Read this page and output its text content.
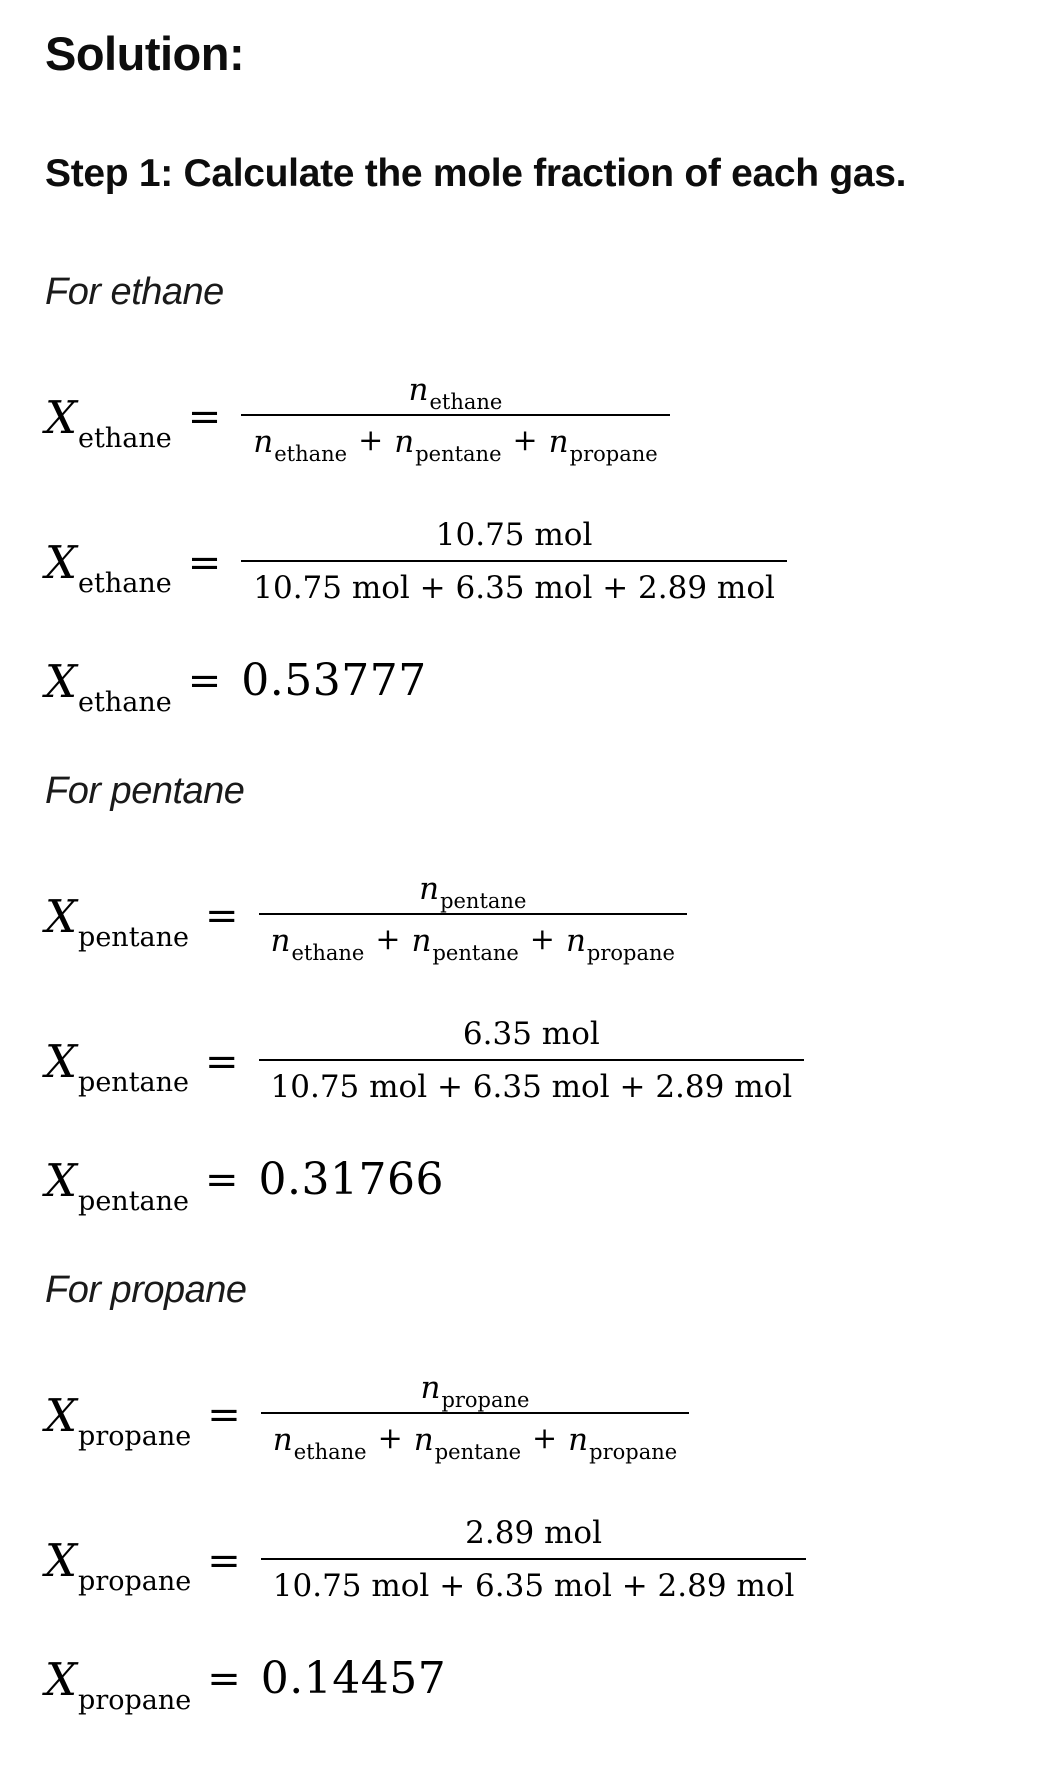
Solution:
Step 1: Calculate the mole fraction of each gas.
For ethane
Xethane =
$n_{ethane}$
$n_{ethane} + n_{pentane} + n_{propane}$
Xethane = $\frac{\text{10.75 mol}}{\text{10.75 mol + 6.35 mol + 2.89 mol}}$
Xethane = 0.53777
For pentane
Xpentane =
$n_{pentane}$
$n_{ethane} + n_{pentane} + n_{propane}$
Xpentane = $\frac{\text{6.35 mol}}{\text{10.75 mol + 6.35 mol + 2.89 mol}}$
Xpentane = 0.31766
For propane
Xpropane =
$n_{propane}$
$n_{ethane} + n_{pentane} + n_{propane}$
Xpropane = $\frac{\text{2.89 mol}}{\text{10.75 mol + 6.35 mol + 2.89 mol}}$
Xpropane = 0.14457
